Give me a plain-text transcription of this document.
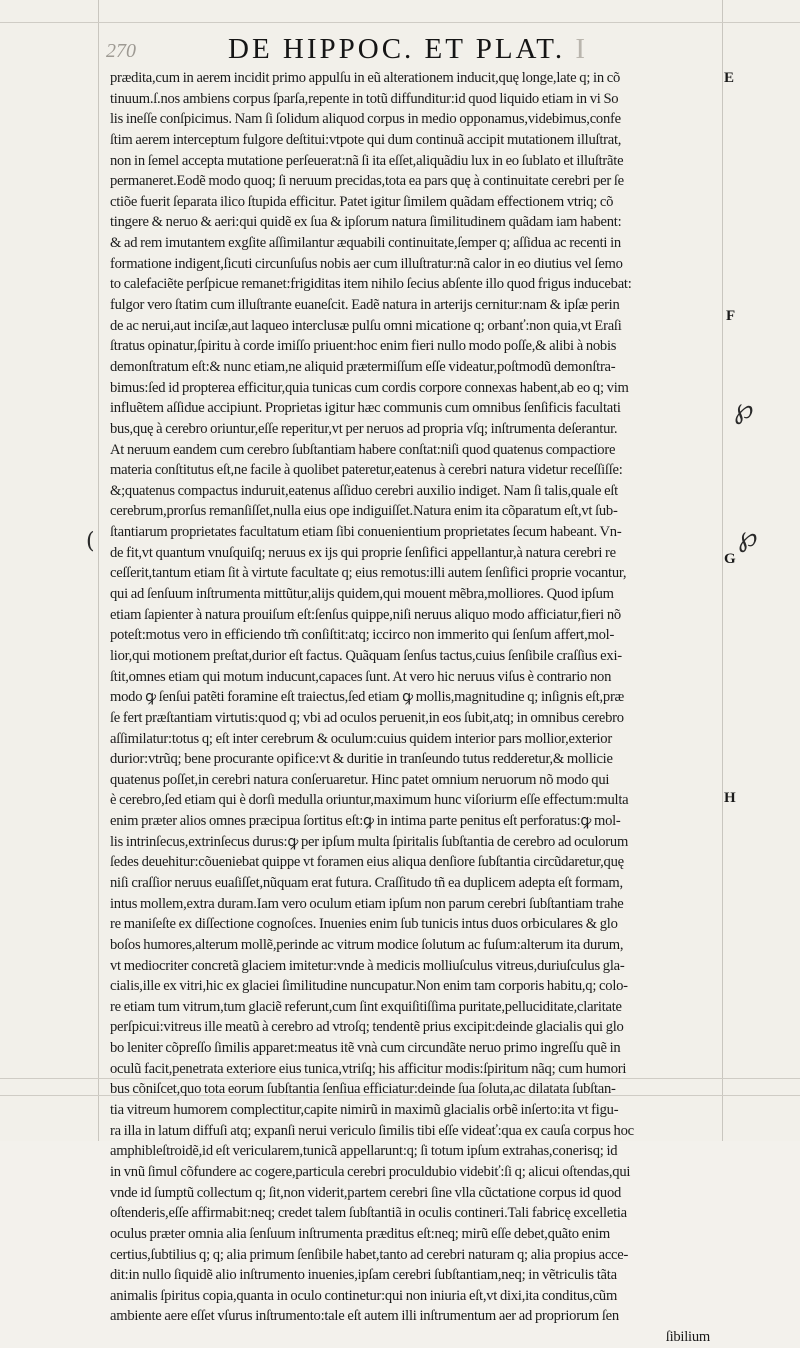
270	DE HIPPOC. ET PLAT. I
prædita,cum in aerem incidit primo appulſu in eũ alterationem inducit,quę longe,late q; in cõ
tinuum.ſ.nos ambiens corpus ſparſa,repente in totũ diffunditur:id quod liquido etiam in vi So
lis ineſſe conſpicimus. Nam ſi ſolidum aliquod corpus in medio opponamus,videbimus,confe
ſtim aerem interceptum fulgore deſtitui:vtpote qui dum continuã accipit mutationem illuſtrat,
non in ſemel accepta mutatione perſeuerat:nã ſi ita eſſet,aliquãdiu lux in eo ſublato et illuſtrãte
permaneret.Eodẽ modo quoq; ſi neruum precidas,tota ea pars quę à continuitate cerebri per ſe
ctiõe fuerit ſeparata ilico ſtupida efficitur. Patet igitur ſimilem quãdam effectionem vtriq; cõ
tingere & neruo & aeri:qui quidẽ ex ſua & ipſorum natura ſimilitudinem quãdam iam habent:
& ad rem imutantem exgſite aſſimilantur æquabili continuitate,ſemper q; aſſidua ac recenti in
formatione indigent,ſicuti circunſuſus nobis aer cum illuſtratur:nã calor in eo diutius vel ſemo
to calefaciẽte perſpicue remanet:frigiditas item nihilo ſecius abſente illo quod frigus inducebat:
fulgor vero ſtatim cum illuſtrante euaneſcit. Eadẽ natura in arterijs cernitur:nam & ipſæ perin
de ac nerui,aut inciſæ,aut laqueo interclusæ pulſu omni micatione q; orbanť:non quia,vt Eraſi
ſtratus opinatur,ſpiritu à corde imiſſo priuent:hoc enim fieri nullo modo poſſe,& alibi à nobis
demonſtratum eſt:& nunc etiam,ne aliquid prætermiſſum eſſe videatur,poſtmodũ demonſtra-
bimus:ſed id propterea efficitur,quia tunicas cum cordis corpore connexas habent,ab eo q; vim
influẽtem aſſidue accipiunt. Proprietas igitur hæc communis cum omnibus ſenſificis facultati
bus,quę à cerebro oriuntur,eſſe reperitur,vt per neruos ad propria vſq; inſtrumenta deſerantur.
At neruum eandem cum cerebro ſubſtantiam habere conſtat:niſi quod quatenus compactiore
materia conſtitutus eſt,ne facile à quolibet pateretur,eatenus à cerebri natura videtur receſſiſſe:
&;quatenus compactus induruit,eatenus aſſiduo cerebri auxilio indiget. Nam ſi talis,quale eſt
cerebrum,prorſus remanſiſſet,nulla eius ope indiguiſſet.Natura enim ita cõparatum eſt,vt ſub-
ſtantiarum proprietates facultatum etiam ſibi conuenientium proprietates ſecum habeant. Vn-
de fit,vt quantum vnuſquiſq; neruus ex ijs qui proprie ſenſifici appellantur,à natura cerebri re
ceſſerit,tantum etiam ſit à virtute facultate q; eius remotus:illi autem ſenſifici proprie vocantur,
qui ad ſenſuum inſtrumenta mittũtur,alijs quidem,qui mouent mẽbra,molliores. Quod ipſum
etiam ſapienter à natura prouiſum eſt:ſenſus quippe,niſi neruus aliquo modo afficiatur,fieri nõ
poteſt:motus vero in efficiendo tm̃ conſiſtit:atq; iccirco non immerito qui ſenſum affert,mol-
lior,qui motionem preſtat,durior eſt factus. Quãquam ſenſus tactus,cuius ſenſibile craſſius exi-
ſtit,omnes etiam qui motum inducunt,capaces ſunt. At vero hic neruus viſus è contrario non
modo ꝙ ſenſui patẽti foramine eſt traiectus,ſed etiam ꝙ mollis,magnitudine q; inſignis eſt,præ
ſe fert præſtantiam virtutis:quod q; vbi ad oculos peruenit,in eos ſubit,atq; in omnibus cerebro
aſſimilatur:totus q; eſt inter cerebrum & oculum:cuius quidem interior pars mollior,exterior
durior:vtrũq; bene procurante opifice:vt & duritie in tranſeundo tutus redderetur,& mollicie
quatenus poſſet,in cerebri natura conſeruaretur. Hinc patet omnium neruorum nõ modo qui
è cerebro,ſed etiam qui è dorſi medulla oriuntur,maximum hunc viſoriurm eſſe effectum:multa
enim præter alios omnes præcipua ſortitus eſt:ꝙ in intima parte penitus eſt perforatus:ꝙ mol-
lis intrinſecus,extrinſecus durus:ꝙ per ipſum multa ſpiritalis ſubſtantia de cerebro ad oculorum
ſedes deuehitur:cõueniebat quippe vt foramen eius aliqua denſiore ſubſtantia circũdaretur,quę
niſi craſſior neruus euaſiſſet,nũquam erat futura. Craſſitudo tñ ea duplicem adepta eſt formam,
intus mollem,extra duram.Iam vero oculum etiam ipſum non parum cerebri ſubſtantiam trahe
re maniſeſte ex diſſectione cognoſces. Inuenies enim ſub tunicis intus duos orbiculares & glo
boſos humores,alterum mollẽ,perinde ac vitrum modice ſolutum ac fuſum:alterum ita durum,
vt mediocriter concretã glaciem imitetur:vnde à medicis molliuſculus vitreus,duriuſculus gla-
cialis,ille ex vitri,hic ex glaciei ſimilitudine nuncupatur.Non enim tam corporis habitu,q; colo-
re etiam tum vitrum,tum glaciẽ referunt,cum ſint exquiſitiſſima puritate,pelluciditate,claritate
perſpicui:vitreus ille meatũ à cerebro ad vtroſq; tendentẽ prius excipit:deinde glacialis qui glo
bo leniter cõpreſſo ſimilis apparet:meatus itẽ vnà cum circundãte neruo primo ingreſſu quẽ in
oculũ facit,penetrata exteriore eius tunica,vtriſq; his afficitur modis:ſpiritum nãq; cum humori
bus cõniſcet,quo tota eorum ſubſtantia ſenſiua efficiatur:deinde ſua ſoluta,ac dilatata ſubſtan-
tia vitreum humorem complectitur,capite nimirũ in maximũ glacialis orbẽ inſerto:ita vt figu-
ra illa in latum diffuſi atq; expanſi nerui vericulo ſimilis tibi eſſe videať:qua ex cauſa corpus hoc
amphibleſtroidẽ,id eſt vericularem,tunicã appellarunt:q; ſi totum ipſum extrahas,conerisq; id
in vnũ ſimul cõfundere ac cogere,particula cerebri proculdubio videbiť:ſi q; alicui oſtendas,qui
vnde id ſumptũ collectum q; ſit,non viderit,partem cerebri ſine vlla cũctatione corpus id quod
oſtenderis,eſſe affirmabit:neq; credet talem ſubſtantiã in oculis contineri.Tali fabricę excelletia
oculus præter omnia alia ſenſuum inſtrumenta præditus eſt:neq; mirũ eſſe debet,quãto enim
certius,ſubtilius q; q; alia primum ſenſibile habet,tanto ad cerebri naturam q; alia propius acce-
dit:in nullo ſiquidẽ alio inſtrumento inuenies,ipſam cerebri ſubſtantiam,neq; in vẽtriculis tãta
animalis ſpiritus copia,quanta in oculo continetur:qui non iniuria eſt,vt dixi,ita conditus,cũm
ambiente aere eſſet vſurus inſtrumento:tale eſt autem illi inſtrumentum aer ad propriorum ſen
ſibilium
E
F
G
H
℘
℘
(
